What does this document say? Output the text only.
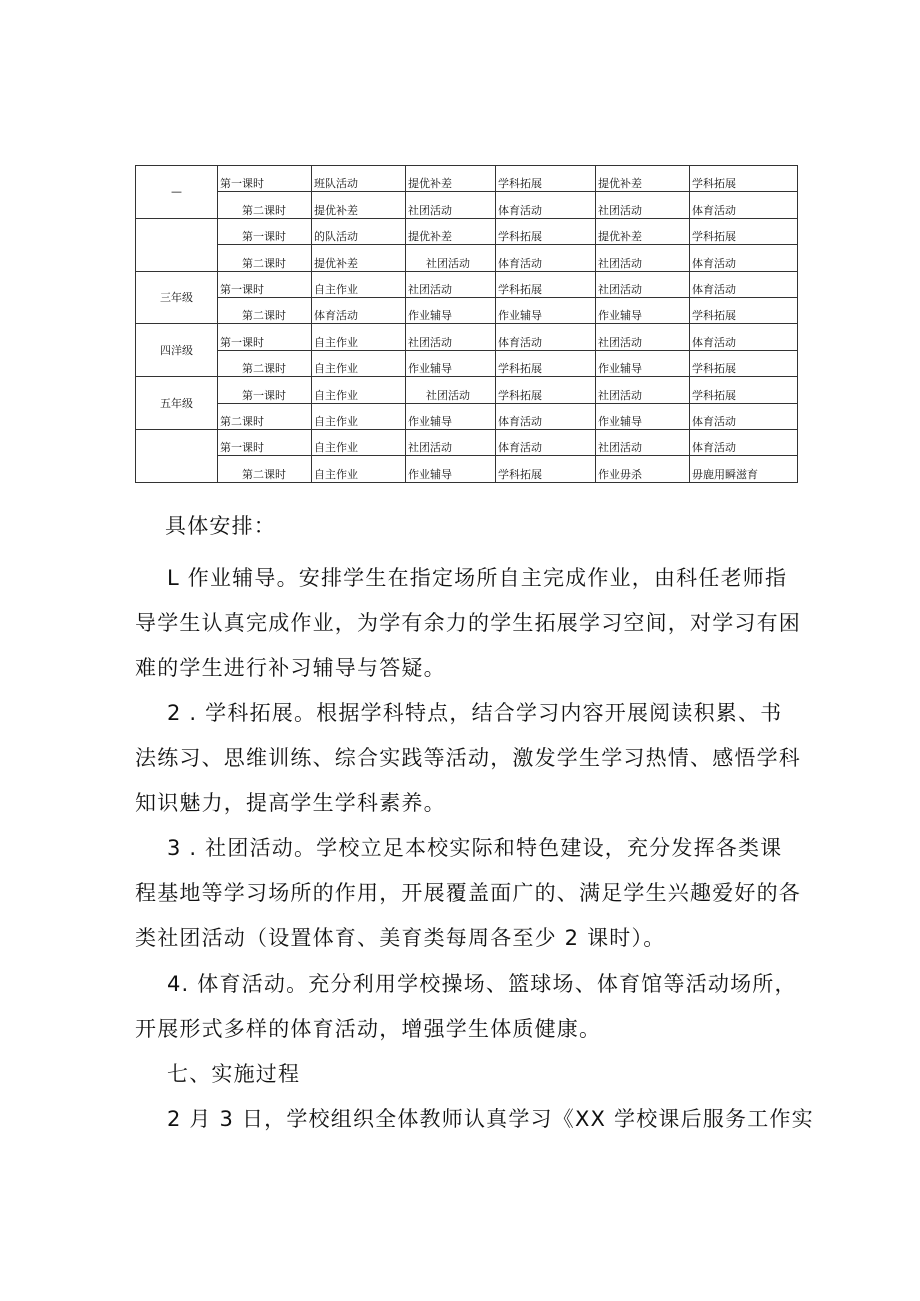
—	第一课时	班队活动	提优补差	学科拓展	提优补差	学科拓展
	第二课时	提优补差	社团活动	体育活动	社团活动	体育活动
	第一课时	的队活动	提优补差	学科拓展	提优补差	学科拓展
	第二课时	提优补差	社团活动	体育活动	社团活动	体育活动
三年级	第一课时	自主作业	社团活动	学科拓展	社团活动	体育活动
	第二课时	体育活动	作业辅导	作业辅导	作业辅导	学科拓展
四洋级	第一课时	自主作业	社团活动	体育活动	社团活动	体育活动
	第二课时	自主作业	作业辅导	学科拓展	作业辅导	学科拓展
五年级	第一课时	自主作业	社团活动	学科拓展	社团活动	学科拓展
	第二课时	自主作业	作业辅导	体育活动	作业辅导	体育活动
	第一课时	自主作业	社团活动	体育活动	社团活动	体育活动
	第二课时	自主作业	作业辅导	学科拓展	作业毋杀	毋鹿用瞬滋育
具体安排：
L 作业辅导。安排学生在指定场所自主完成作业，由科任老师指
导学生认真完成作业，为学有余力的学生拓展学习空间，对学习有困
难的学生进行补习辅导与答疑。
2 . 学科拓展。根据学科特点，结合学习内容开展阅读积累、书
法练习、思维训练、综合实践等活动，激发学生学习热情、感悟学科
知识魅力，提高学生学科素养。
3 . 社团活动。学校立足本校实际和特色建设，充分发挥各类课
程基地等学习场所的作用，开展覆盖面广的、满足学生兴趣爱好的各
类社团活动（设置体育、美育类每周各至少 2 课时）。
4. 体育活动。充分利用学校操场、篮球场、体育馆等活动场所，
开展形式多样的体育活动，增强学生体质健康。
七、实施过程
2 月 3 日，学校组织全体教师认真学习《XX 学校课后服务工作实
